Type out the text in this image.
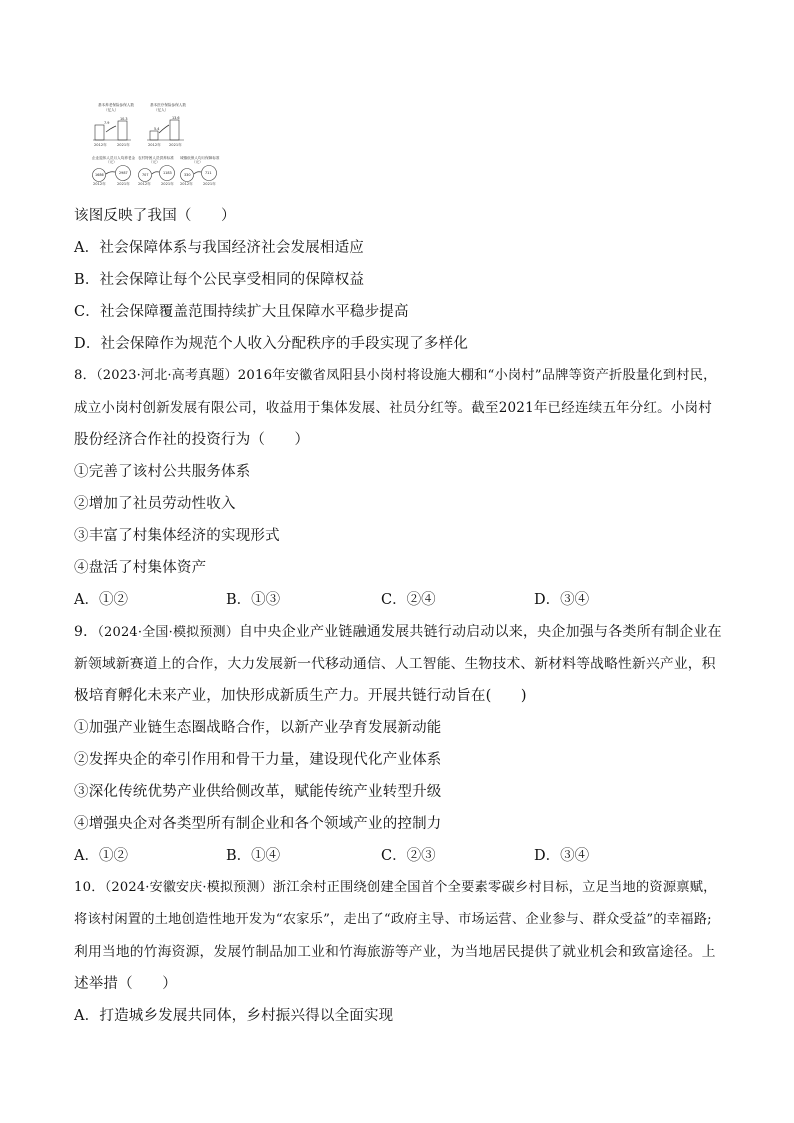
基本养老保险参保人数
（亿人）
7.9
10.3
2012年	2021年
基本医疗保险参保人数
（亿人）
5.4
13.6
2012年 2021年
企业退休人员月人均养老金
（元）
1686	2987
2012年	2021年
农村特困人员供养标准
（元）
707	1183
2012年	2021年
城镇低保人均月保障标准
（元）
330	711
2012年	2021年
该图反映了我国（　　）
A．社会保障体系与我国经济社会发展相适应
B．社会保障让每个公民享受相同的保障权益
C．社会保障覆盖范围持续扩大且保障水平稳步提高
D．社会保障作为规范个人收入分配秩序的手段实现了多样化
8．（2023·河北·高考真题）2016年安徽省凤阳县小岗村将设施大棚和“小岗村”品牌等资产折股量化到村民，
成立小岗村创新发展有限公司，收益用于集体发展、社员分红等。截至2021年已经连续五年分红。小岗村
股份经济合作社的投资行为（　　）
①完善了该村公共服务体系
②增加了社员劳动性收入
③丰富了村集体经济的实现形式
④盘活了村集体资产
A．①②	B．①③	C．②④	D．③④
9．（2024·全国·模拟预测）自中央企业产业链融通发展共链行动启动以来，央企加强与各类所有制企业在
新领域新赛道上的合作，大力发展新一代移动通信、人工智能、生物技术、新材料等战略性新兴产业，积
极培育孵化未来产业，加快形成新质生产力。开展共链行动旨在(　　)
①加强产业链生态圈战略合作，以新产业孕育发展新动能
②发挥央企的牵引作用和骨干力量，建设现代化产业体系
③深化传统优势产业供给侧改革，赋能传统产业转型升级
④增强央企对各类型所有制企业和各个领域产业的控制力
A．①②	B．①④	C．②③	D．③④
10．（2024·安徽安庆·模拟预测）浙江余村正围绕创建全国首个全要素零碳乡村目标，立足当地的资源禀赋，
将该村闲置的土地创造性地开发为“农家乐”，走出了“政府主导、市场运营、企业参与、群众受益”的幸福路;
利用当地的竹海资源，发展竹制品加工业和竹海旅游等产业，为当地居民提供了就业机会和致富途径。上
述举措（　　）
A．打造城乡发展共同体，乡村振兴得以全面实现
